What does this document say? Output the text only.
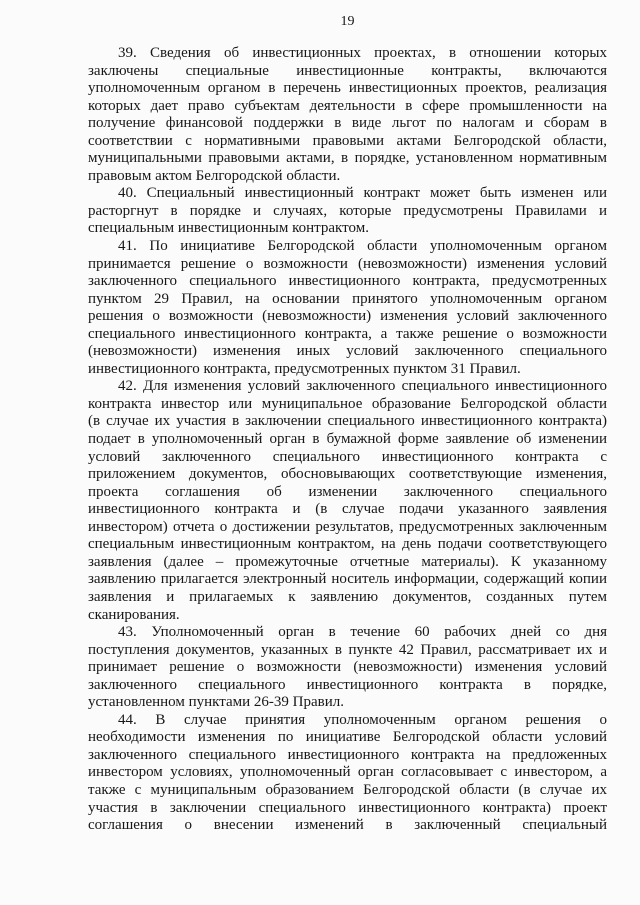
19
39. Сведения об инвестиционных проектах, в отношении которых
заключены специальные инвестиционные контракты, включаются
уполномоченным органом в перечень инвестиционных проектов, реализация
которых дает право субъектам деятельности в сфере промышленности на
получение финансовой поддержки в виде льгот по налогам и сборам в
соответствии с нормативными правовыми актами Белгородской области,
муниципальными правовыми актами, в порядке, установленном нормативным
правовым актом Белгородской области.
40. Специальный инвестиционный контракт может быть изменен или
расторгнут в порядке и случаях, которые предусмотрены Правилами и
специальным инвестиционным контрактом.
41. По инициативе Белгородской области уполномоченным органом
принимается решение о возможности (невозможности) изменения условий
заключенного специального инвестиционного контракта, предусмотренных
пунктом 29 Правил, на основании принятого уполномоченным органом
решения о возможности (невозможности) изменения условий заключенного
специального инвестиционного контракта, а также решение о возможности
(невозможности) изменения иных условий заключенного специального
инвестиционного контракта, предусмотренных пунктом 31 Правил.
42. Для изменения условий заключенного специального инвестиционного
контракта инвестор или муниципальное образование Белгородской области
(в случае их участия в заключении специального инвестиционного контракта)
подает в уполномоченный орган в бумажной форме заявление об изменении
условий заключенного специального инвестиционного контракта с
приложением документов, обосновывающих соответствующие изменения,
проекта соглашения об изменении заключенного специального
инвестиционного контракта и (в случае подачи указанного заявления
инвестором) отчета о достижении результатов, предусмотренных заключенным
специальным инвестиционным контрактом, на день подачи соответствующего
заявления (далее – промежуточные отчетные материалы). К указанному
заявлению прилагается электронный носитель информации, содержащий копии
заявления и прилагаемых к заявлению документов, созданных путем
сканирования.
43. Уполномоченный орган в течение 60 рабочих дней со дня
поступления документов, указанных в пункте 42 Правил, рассматривает их и
принимает решение о возможности (невозможности) изменения условий
заключенного специального инвестиционного контракта в порядке,
установленном пунктами 26-39 Правил.
44. В случае принятия уполномоченным органом решения о
необходимости изменения по инициативе Белгородской области условий
заключенного специального инвестиционного контракта на предложенных
инвестором условиях, уполномоченный орган согласовывает с инвестором, а
также с муниципальным образованием Белгородской области (в случае их
участия в заключении специального инвестиционного контракта) проект
соглашения о внесении изменений в заключенный специальный
